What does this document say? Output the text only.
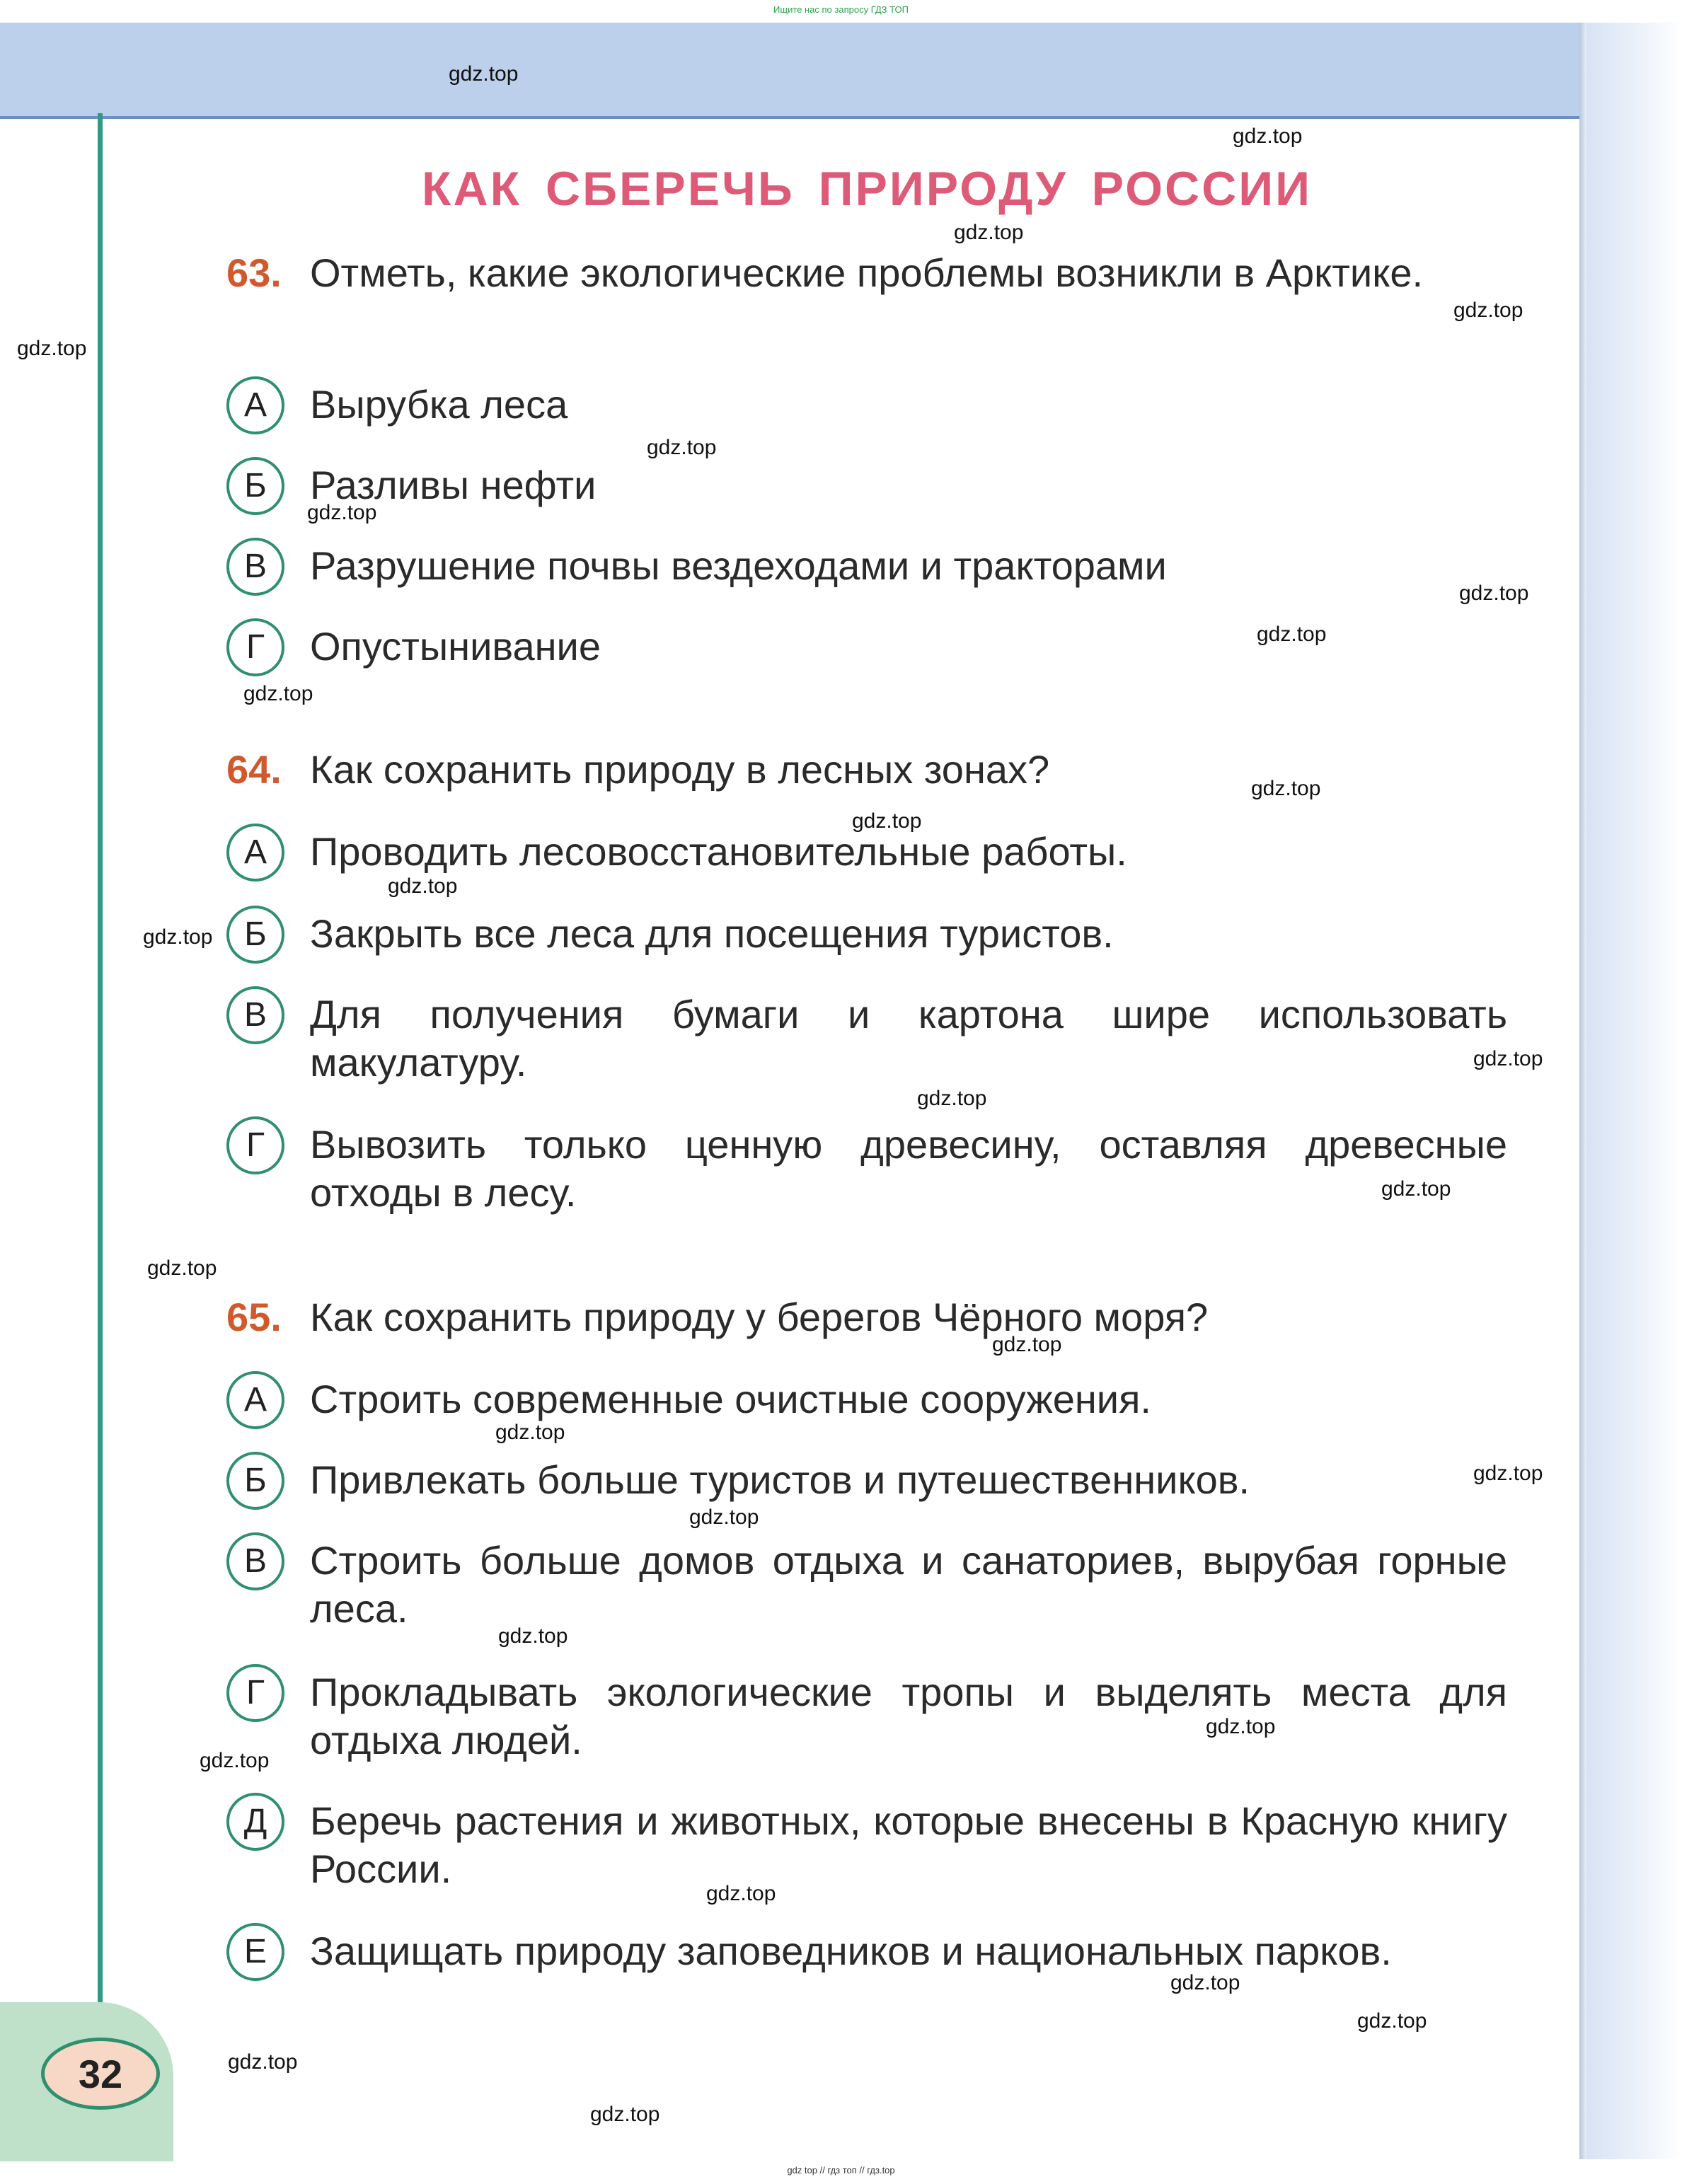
Ищите нас по запросу ГДЗ ТОП
32
КАК СБЕРЕЧЬ ПРИРОДУ РОССИИ
63. Отметь, какие экологические проблемы возникли в Арктике.
А	Вырубка леса
Б	Разливы нефти
В	Разрушение почвы вездеходами и тракторами
Г	Опустынивание
64. Как сохранить природу в лесных зонах?
А	Проводить лесовосстановительные работы.
Б	Закрыть все леса для посещения туристов.
В	Для получения бумаги и картона шире использовать макулатуру.
Г	Вывозить только ценную древесину, оставляя древесные отходы в лесу.
65. Как сохранить природу у берегов Чёрного моря?
А	Строить современные очистные сооружения.
Б	Привлекать больше туристов и путешественников.
В	Строить больше домов отдыха и санаториев, вырубая горные леса.
Г	Прокладывать экологические тропы и выделять места для отдыха людей.
Д	Беречь растения и животных, которые внесены в Красную книгу России.
Е	Защищать природу заповедников и национальных парков.
gdz.top
gdz.top
gdz.top
gdz.top
gdz.top
gdz.top
gdz.top
gdz.top
gdz.top
gdz.top
gdz.top
gdz.top
gdz.top
gdz.top
gdz.top
gdz.top
gdz.top
gdz.top
gdz.top
gdz.top
gdz.top
gdz.top
gdz.top
gdz.top
gdz.top
gdz.top
gdz.top
gdz.top
gdz.top
gdz.top
gdz top // гдз топ // гдз.top
